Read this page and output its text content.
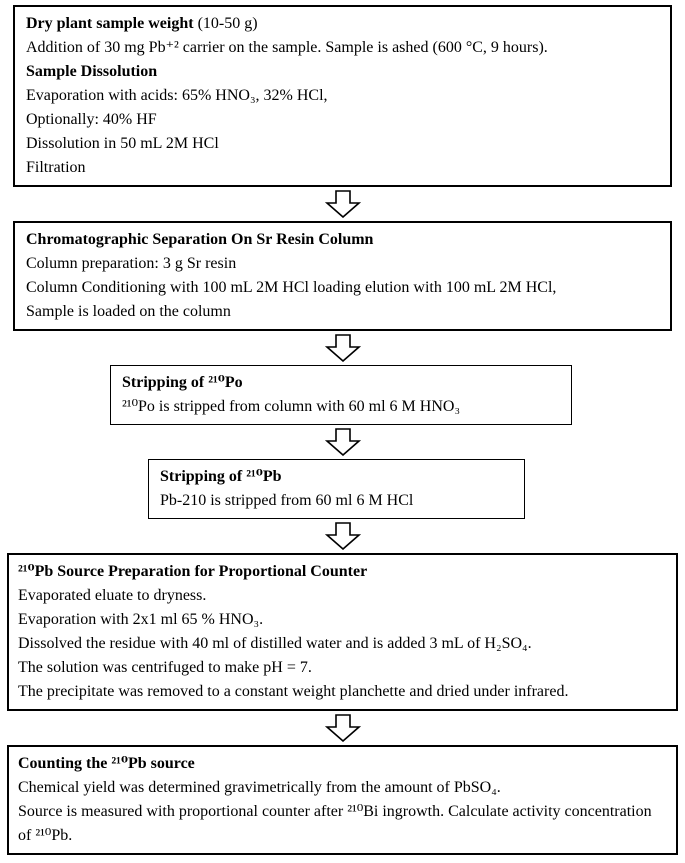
Dry plant sample weight (10-50 g)
Addition of 30 mg Pb⁺² carrier on the sample. Sample is ashed (600 °C, 9 hours).
Sample Dissolution
Evaporation with acids: 65% HNO₃, 32% HCl,
Optionally: 40% HF
Dissolution in 50 mL 2M HCl
Filtration
Chromatographic Separation On Sr Resin Column
Column preparation: 3 g Sr resin
Column Conditioning with 100 mL 2M HCl loading elution with 100 mL 2M HCl,
Sample is loaded on the column
Stripping of ²¹⁰Po
²¹⁰Po is stripped from column with 60 ml 6 M HNO₃
Stripping of ²¹⁰Pb
Pb-210 is stripped from 60 ml 6 M HCl
²¹⁰Pb Source Preparation for Proportional Counter
Evaporated eluate to dryness.
Evaporation with 2x1 ml 65 % HNO₃.
Dissolved the residue with 40 ml of distilled water and is added 3 mL of H₂SO₄.
The solution was centrifuged to make pH = 7.
The precipitate was removed to a constant weight planchette and dried under infrared.
Counting the ²¹⁰Pb source
Chemical yield was determined gravimetrically from the amount of PbSO₄.
Source is measured with proportional counter after ²¹⁰Bi ingrowth. Calculate activity concentration of ²¹⁰Pb.
